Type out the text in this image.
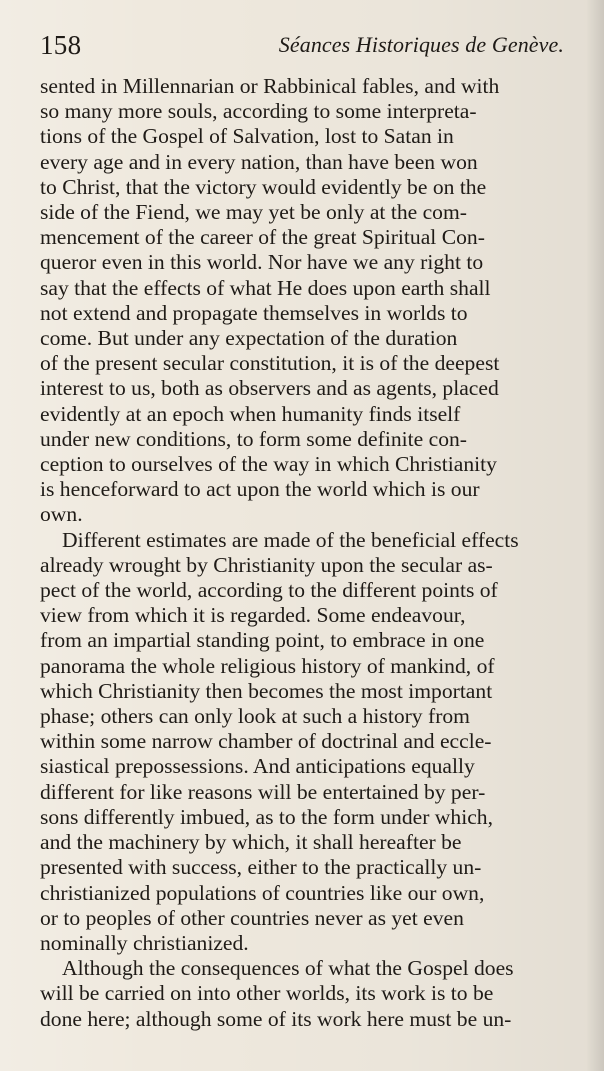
158	Séances Historiques de Genève.

sented in Millennarian or Rabbinical fables, and with
so many more souls, according to some interpreta-
tions of the Gospel of Salvation, lost to Satan in
every age and in every nation, than have been won
to Christ, that the victory would evidently be on the
side of the Fiend, we may yet be only at the com-
mencement of the career of the great Spiritual Con-
queror even in this world. Nor have we any right to
say that the effects of what He does upon earth shall
not extend and propagate themselves in worlds to
come. But under any expectation of the duration
of the present secular constitution, it is of the deepest
interest to us, both as observers and as agents, placed
evidently at an epoch when humanity finds itself
under new conditions, to form some definite con-
ception to ourselves of the way in which Christianity
is henceforward to act upon the world which is our
own.

Different estimates are made of the beneficial effects
already wrought by Christianity upon the secular as-
pect of the world, according to the different points of
view from which it is regarded. Some endeavour,
from an impartial standing point, to embrace in one
panorama the whole religious history of mankind, of
which Christianity then becomes the most important
phase; others can only look at such a history from
within some narrow chamber of doctrinal and eccle-
siastical prepossessions. And anticipations equally
different for like reasons will be entertained by per-
sons differently imbued, as to the form under which,
and the machinery by which, it shall hereafter be
presented with success, either to the practically un-
christianized populations of countries like our own,
or to peoples of other countries never as yet even
nominally christianized.

Although the consequences of what the Gospel does
will be carried on into other worlds, its work is to be
done here; although some of its work here must be un-
